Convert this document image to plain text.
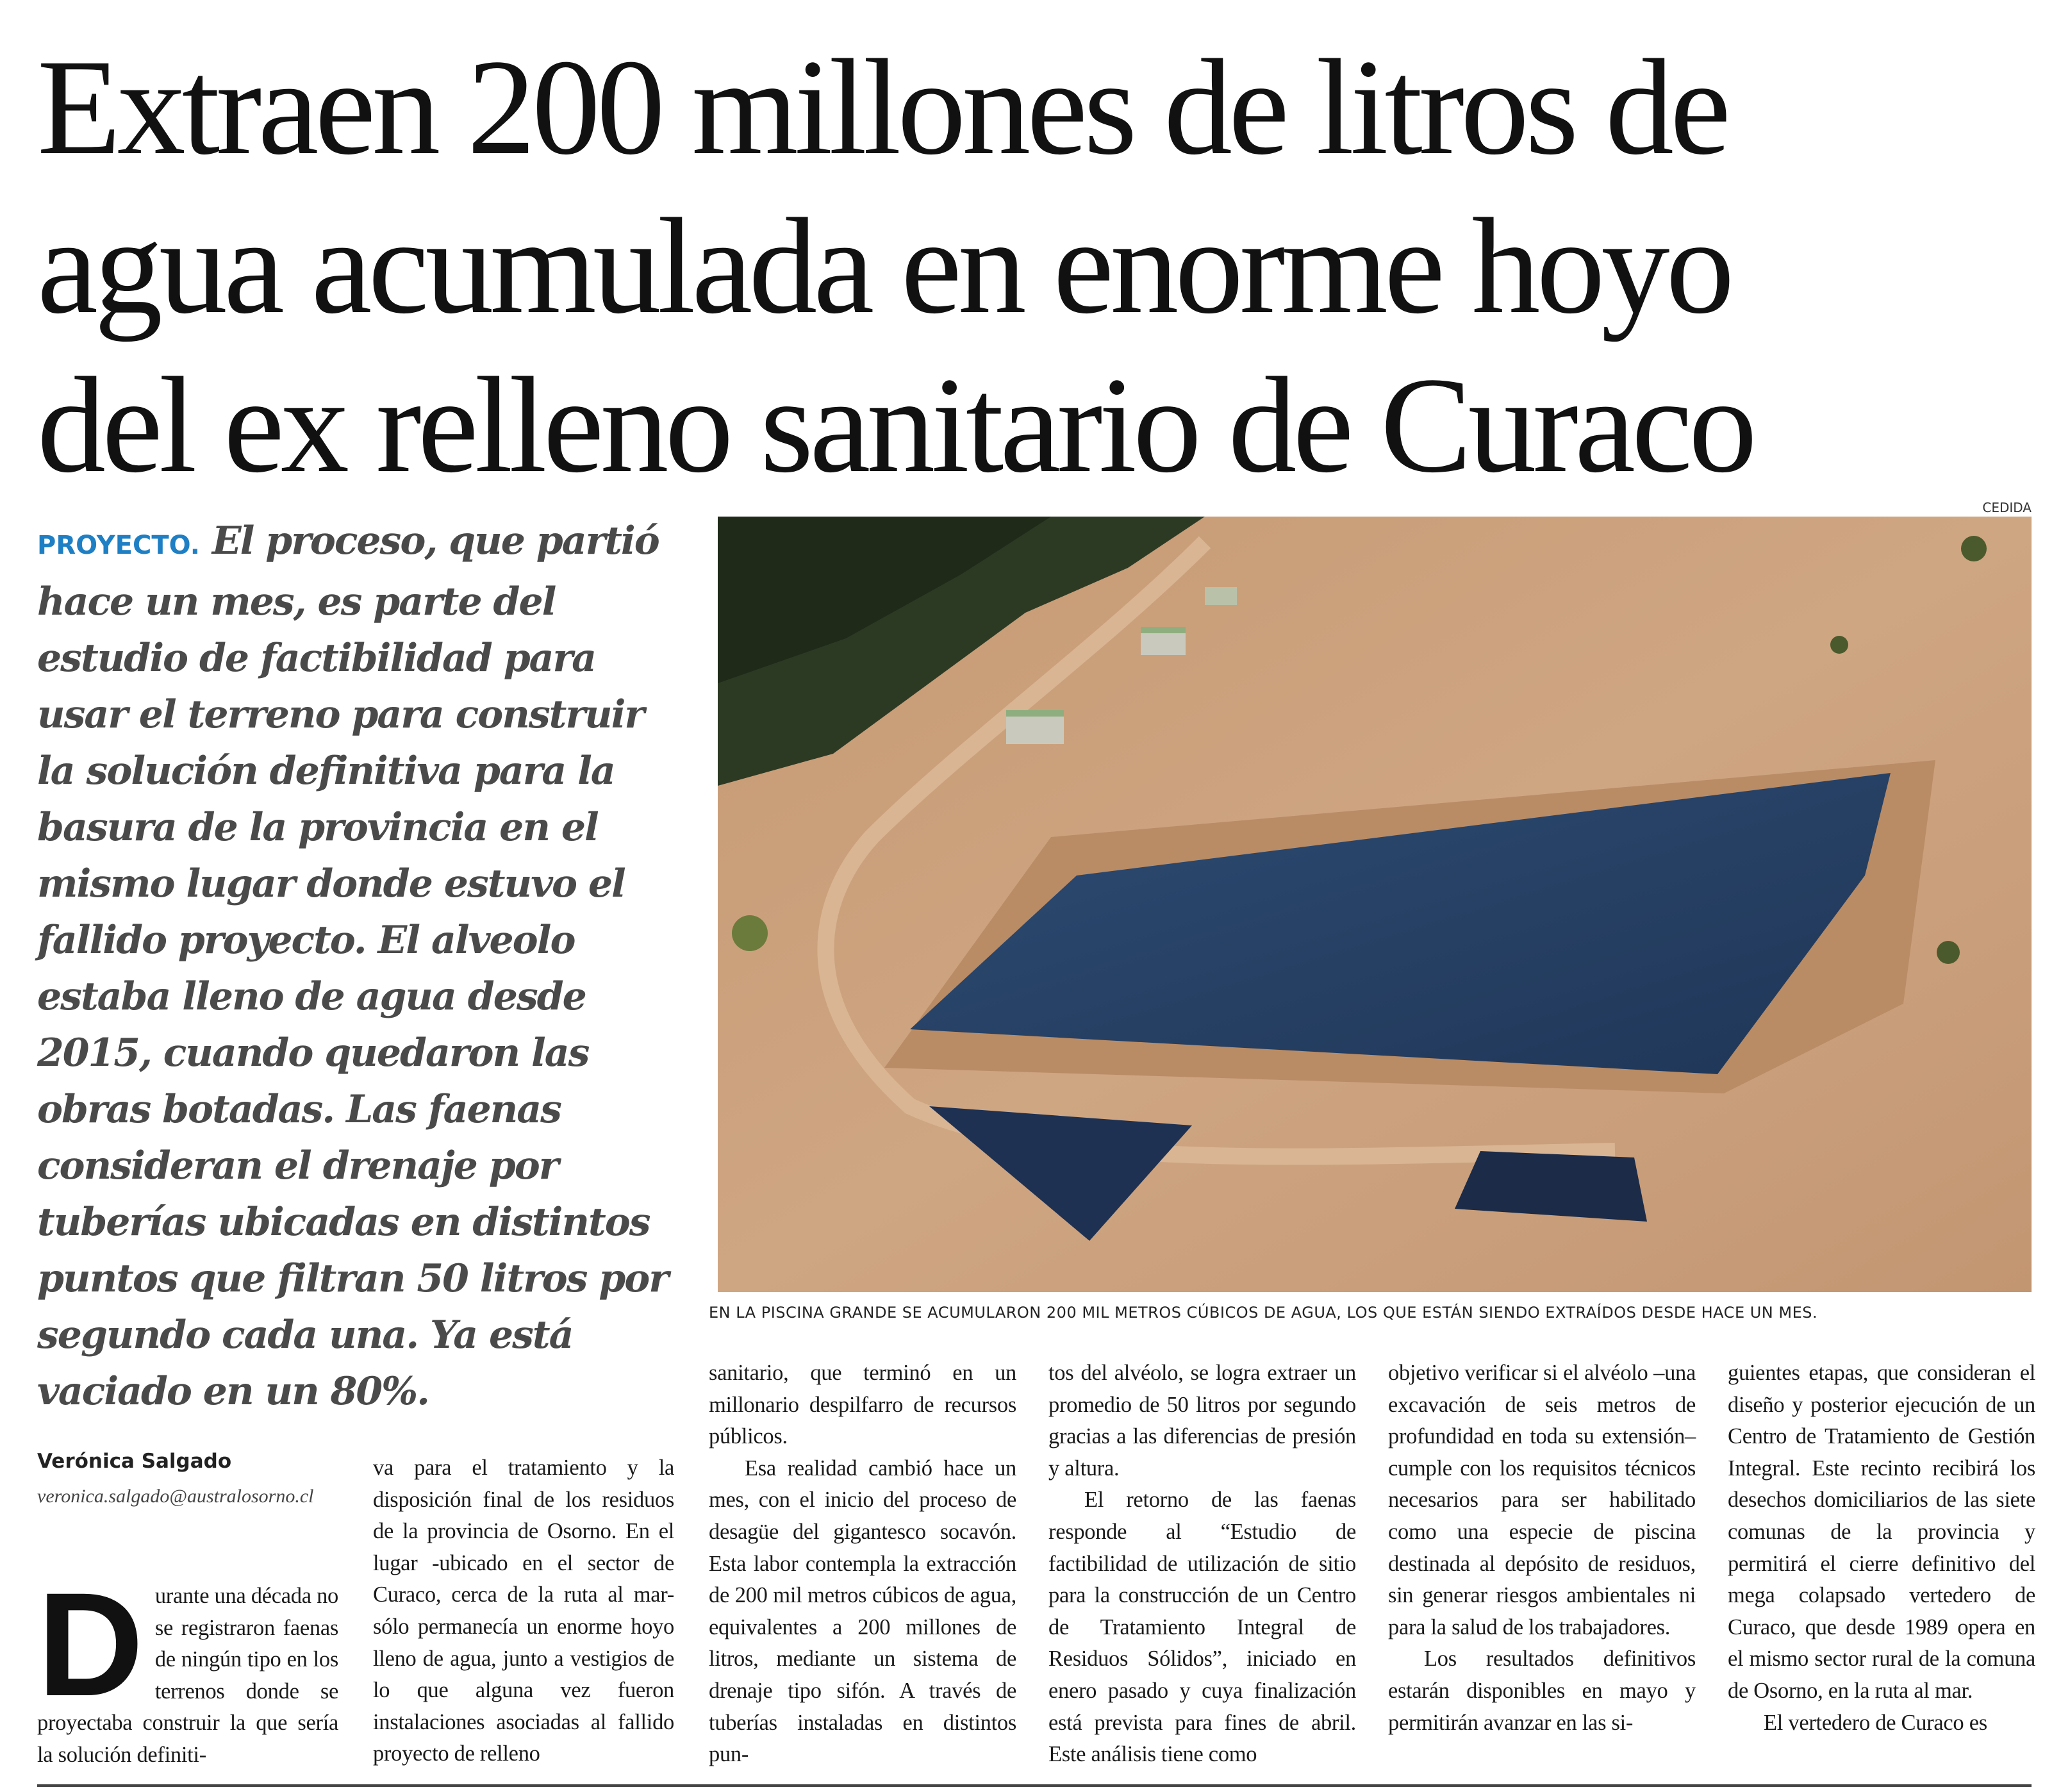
Extraen 200 millones de litros de
agua acumulada en enorme hoyo
del ex relleno sanitario de Curaco
PROYECTO. El proceso, que partió hace un mes, es parte del estudio de factibilidad para usar el terreno para construir la solución definitiva para la basura de la provincia en el mismo lugar donde estuvo el fallido proyecto. El alveolo estaba lleno de agua desde 2015, cuando quedaron las obras botadas. Las faenas consideran el drenaje por tuberías ubicadas en distintos puntos que filtran 50 litros por segundo cada una. Ya está vaciado en un 80%.
Verónica Salgado
veronica.salgado@australosorno.cl
CEDIDA
EN LA PISCINA GRANDE SE ACUMULARON 200 MIL METROS CÚBICOS DE AGUA, LOS QUE ESTÁN SIENDO EXTRAÍDOS DESDE HACE UN MES.
D urante una década no se registraron faenas de ningún tipo en los terrenos donde se proyectaba construir la que sería la solución definiti-

va para el tratamiento y la disposición final de los residuos de la provincia de Osorno. En el lugar -ubicado en el sector de Curaco, cerca de la ruta al mar- sólo permanecía un enorme hoyo lleno de agua, junto a vestigios de lo que alguna vez fueron instalaciones asociadas al fallido proyecto de relleno

sanitario, que terminó en un millonario despilfarro de recursos públicos.

Esa realidad cambió hace un mes, con el inicio del proceso de desagüe del gigantesco socavón. Esta labor contempla la extracción de 200 mil metros cúbicos de agua, equivalentes a 200 millones de litros, mediante un sistema de drenaje tipo sifón. A través de tuberías instaladas en distintos pun-

tos del alvéolo, se logra extraer un promedio de 50 litros por segundo gracias a las diferencias de presión y altura.

El retorno de las faenas responde al “Estudio de factibilidad de utilización de sitio para la construcción de un Centro de Tratamiento Integral de Residuos Sólidos”, iniciado en enero pasado y cuya finalización está prevista para fines de abril. Este análisis tiene como

objetivo verificar si el alvéolo –una excavación de seis metros de profundidad en toda su extensión– cumple con los requisitos técnicos necesarios para ser habilitado como una especie de piscina destinada al depósito de residuos, sin generar riesgos ambientales ni para la salud de los trabajadores.

Los resultados definitivos estarán disponibles en mayo y permitirán avanzar en las si-

guientes etapas, que consideran el diseño y posterior ejecución de un Centro de Tratamiento de Gestión Integral. Este recinto recibirá los desechos domiciliarios de las siete comunas de la provincia y permitirá el cierre definitivo del mega colapsado vertedero de Curaco, que desde 1989 opera en el mismo sector rural de la comuna de Osorno, en la ruta al mar.

El vertedero de Curaco es
